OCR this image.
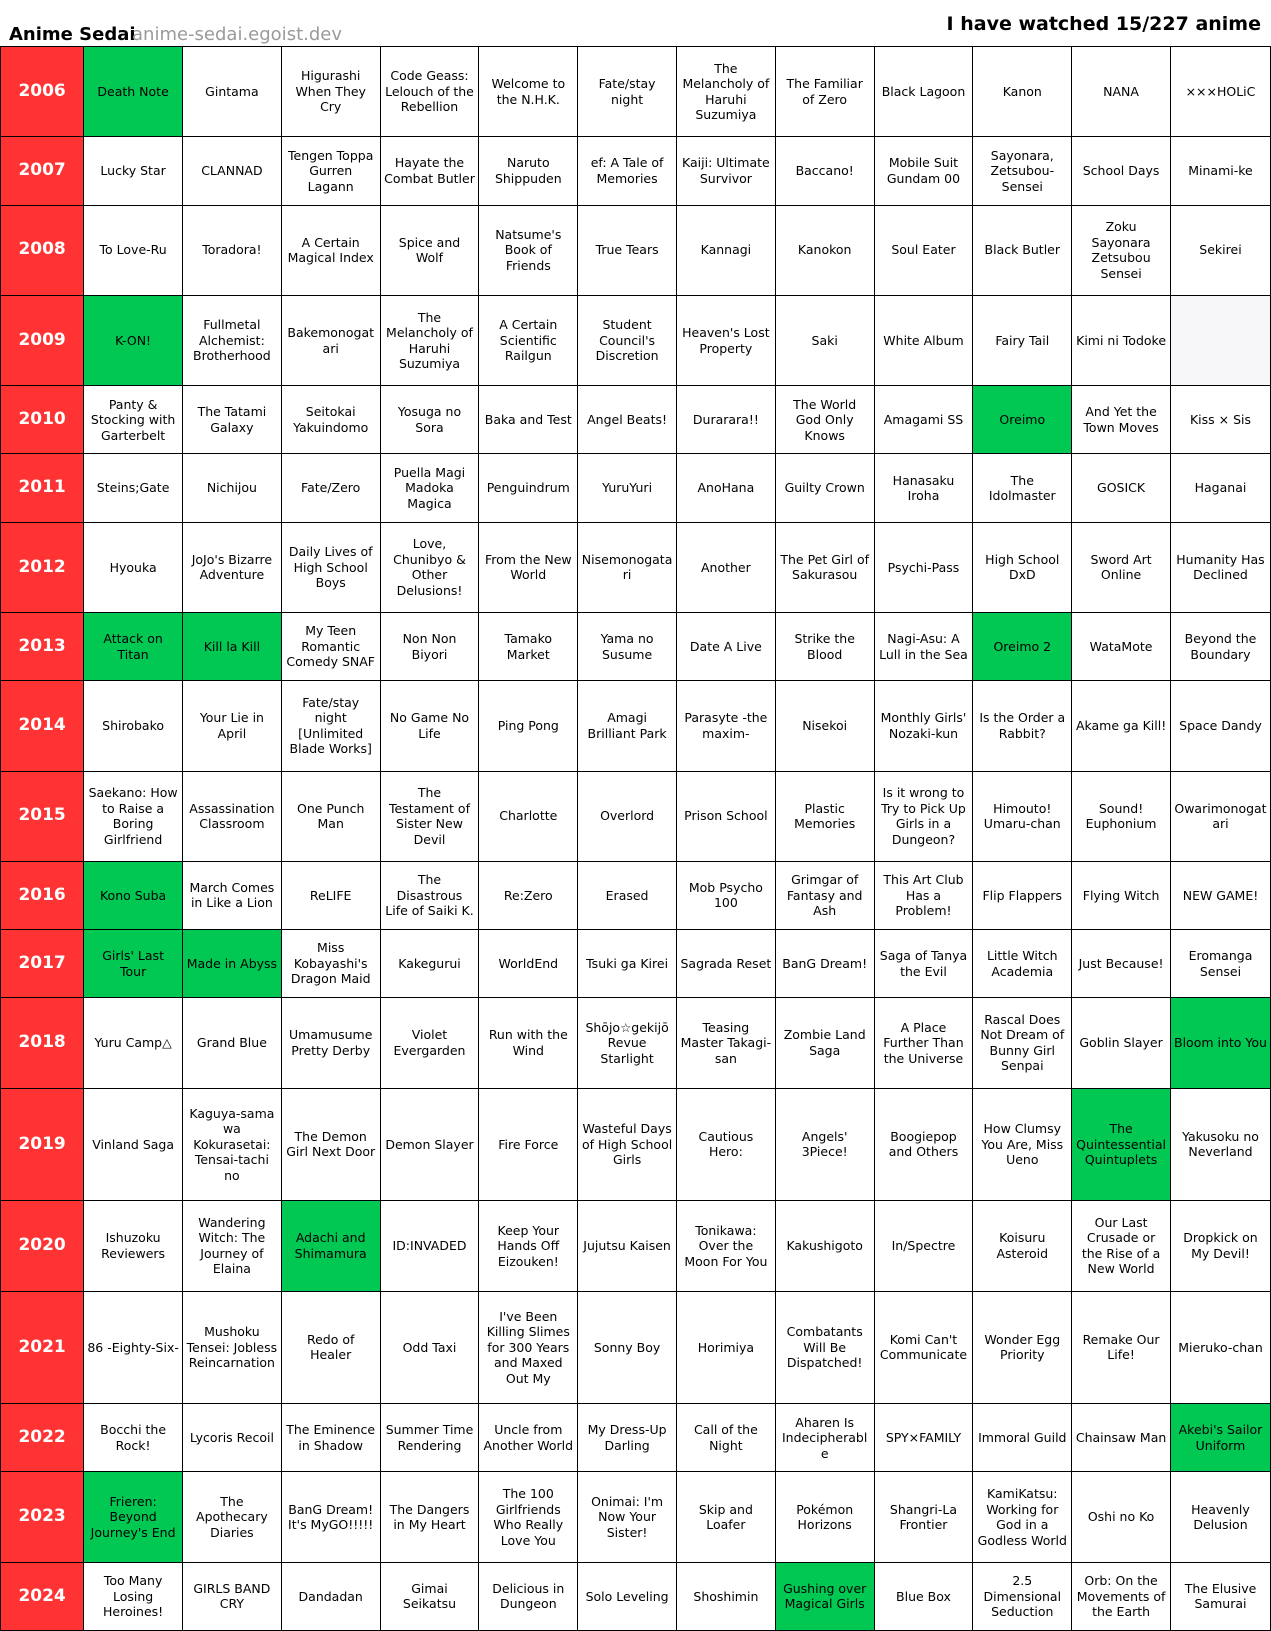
Anime Sedai
anime-sedai.egoist.dev	I have watched 15/227 anime
2006	Death Note	Gintama	Higurashi When They Cry	Code Geass: Lelouch of the Rebellion	Welcome to the N.H.K.	Fate/stay night	The Melancholy of Haruhi Suzumiya	The Familiar of Zero	Black Lagoon	Kanon	NANA	×××HOLiC
2007	Lucky Star	CLANNAD	Tengen Toppa Gurren Lagann	Hayate the Combat Butler	Naruto Shippuden	ef: A Tale of Memories	Kaiji: Ultimate Survivor	Baccano!	Mobile Suit Gundam 00	Sayonara, Zetsubou-Sensei	School Days	Minami-ke
2008	To Love-Ru	Toradora!	A Certain Magical Index	Spice and Wolf	Natsume's Book of Friends	True Tears	Kannagi	Kanokon	Soul Eater	Black Butler	Zoku Sayonara Zetsubou Sensei	Sekirei
2009	K-ON!	Fullmetal Alchemist: Brotherhood	Bakemonogatari	The Melancholy of Haruhi Suzumiya	A Certain Scientific Railgun	Student Council's Discretion	Heaven's Lost Property	Saki	White Album	Fairy Tail	Kimi ni Todoke	
2010	Panty & Stocking with Garterbelt	The Tatami Galaxy	Seitokai Yakuindomo	Yosuga no Sora	Baka and Test	Angel Beats!	Durarara!!	The World God Only Knows	Amagami SS	Oreimo	And Yet the Town Moves	Kiss × Sis
2011	Steins;Gate	Nichijou	Fate/Zero	Puella Magi Madoka Magica	Penguindrum	YuruYuri	AnoHana	Guilty Crown	Hanasaku Iroha	The Idolmaster	GOSICK	Haganai
2012	Hyouka	JoJo's Bizarre Adventure	Daily Lives of High School Boys	Love, Chunibyo & Other Delusions!	From the New World	Nisemonogatari	Another	The Pet Girl of Sakurasou	Psychi-Pass	High School DxD	Sword Art Online	Humanity Has Declined
2013	Attack on Titan	Kill la Kill	My Teen Romantic Comedy SNAF	Non Non Biyori	Tamako Market	Yama no Susume	Date A Live	Strike the Blood	Nagi-Asu: A Lull in the Sea	Oreimo 2	WataMote	Beyond the Boundary
2014	Shirobako	Your Lie in April	Fate/stay night [Unlimited Blade Works]	No Game No Life	Ping Pong	Amagi Brilliant Park	Parasyte -the maxim-	Nisekoi	Monthly Girls' Nozaki-kun	Is the Order a Rabbit?	Akame ga Kill!	Space Dandy
2015	Saekano: How to Raise a Boring Girlfriend	Assassination Classroom	One Punch Man	The Testament of Sister New Devil	Charlotte	Overlord	Prison School	Plastic Memories	Is it wrong to Try to Pick Up Girls in a Dungeon?	Himouto! Umaru-chan	Sound! Euphonium	Owarimonogatari
2016	Kono Suba	March Comes in Like a Lion	ReLIFE	The Disastrous Life of Saiki K.	Re:Zero	Erased	Mob Psycho 100	Grimgar of Fantasy and Ash	This Art Club Has a Problem!	Flip Flappers	Flying Witch	NEW GAME!
2017	Girls' Last Tour	Made in Abyss	Miss Kobayashi's Dragon Maid	Kakegurui	WorldEnd	Tsuki ga Kirei	Sagrada Reset	BanG Dream!	Saga of Tanya the Evil	Little Witch Academia	Just Because!	Eromanga Sensei
2018	Yuru Camp△	Grand Blue	Umamusume Pretty Derby	Violet Evergarden	Run with the Wind	Shōjo☆gekijō Revue Starlight	Teasing Master Takagi-san	Zombie Land Saga	A Place Further Than the Universe	Rascal Does Not Dream of Bunny Girl Senpai	Goblin Slayer	Bloom into You
2019	Vinland Saga	Kaguya-sama wa Kokurasetai: Tensai-tachi no	The Demon Girl Next Door	Demon Slayer	Fire Force	Wasteful Days of High School Girls	Cautious Hero:	Angels' 3Piece!	Boogiepop and Others	How Clumsy You Are, Miss Ueno	The Quintessential Quintuplets	Yakusoku no Neverland
2020	Ishuzoku Reviewers	Wandering Witch: The Journey of Elaina	Adachi and Shimamura	ID:INVADED	Keep Your Hands Off Eizouken!	Jujutsu Kaisen	Tonikawa: Over the Moon For You	Kakushigoto	In/Spectre	Koisuru Asteroid	Our Last Crusade or the Rise of a New World	Dropkick on My Devil!
2021	86 -Eighty-Six-	Mushoku Tensei: Jobless Reincarnation	Redo of Healer	Odd Taxi	I've Been Killing Slimes for 300 Years and Maxed Out My	Sonny Boy	Horimiya	Combatants Will Be Dispatched!	Komi Can't Communicate	Wonder Egg Priority	Remake Our Life!	Mieruko-chan
2022	Bocchi the Rock!	Lycoris Recoil	The Eminence in Shadow	Summer Time Rendering	Uncle from Another World	My Dress-Up Darling	Call of the Night	Aharen Is Indecipherable	SPY×FAMILY	Immoral Guild	Chainsaw Man	Akebi's Sailor Uniform
2023	Frieren: Beyond Journey's End	The Apothecary Diaries	BanG Dream! It's MyGO!!!!!	The Dangers in My Heart	The 100 Girlfriends Who Really Love You	Onimai: I'm Now Your Sister!	Skip and Loafer	Pokémon Horizons	Shangri-La Frontier	KamiKatsu: Working for God in a Godless World	Oshi no Ko	Heavenly Delusion
2024	Too Many Losing Heroines!	GIRLS BAND CRY	Dandadan	Gimai Seikatsu	Delicious in Dungeon	Solo Leveling	Shoshimin	Gushing over Magical Girls	Blue Box	2.5 Dimensional Seduction	Orb: On the Movements of the Earth	The Elusive Samurai
